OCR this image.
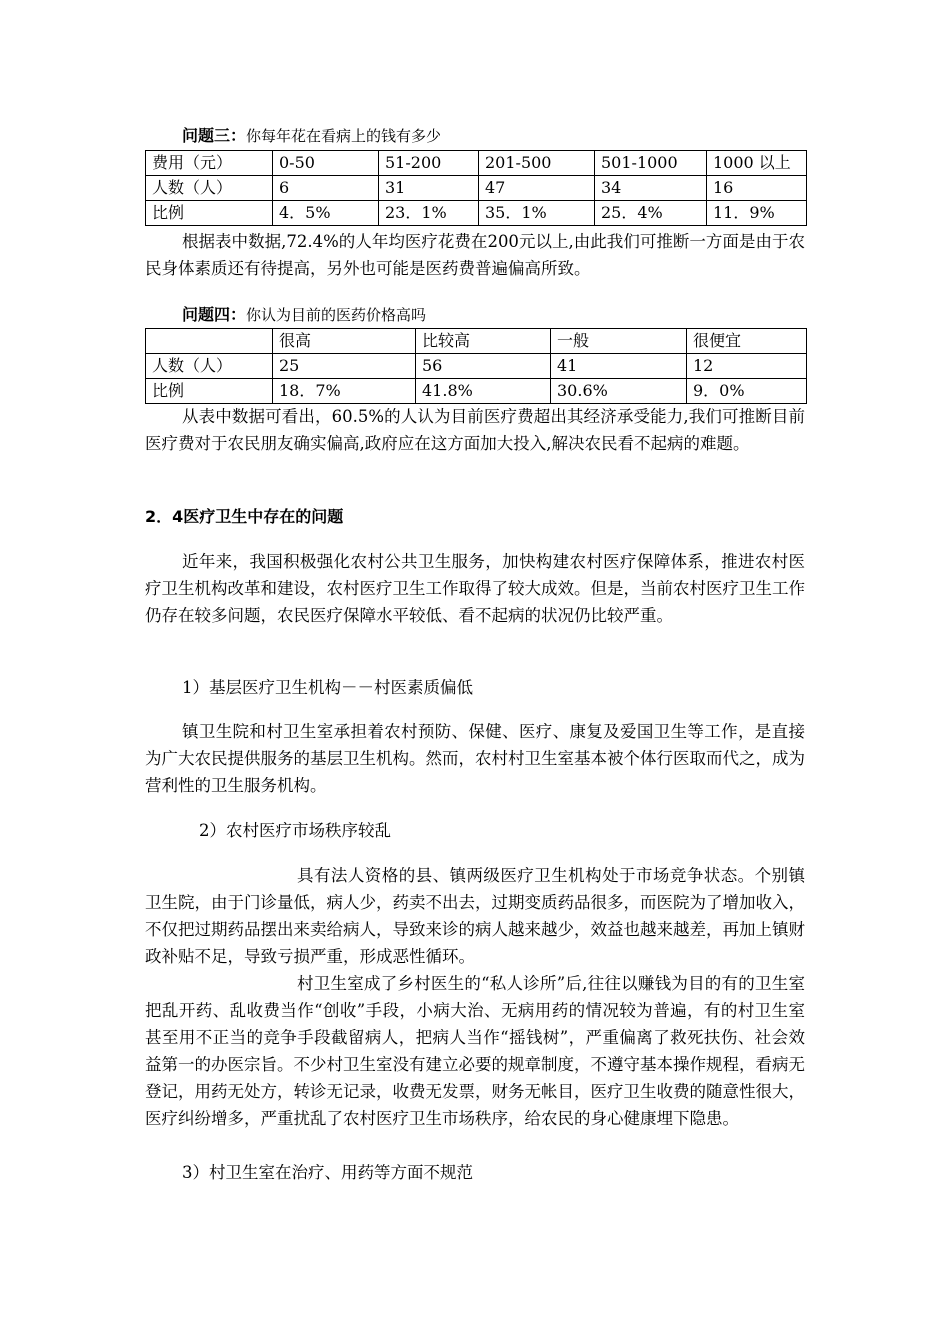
问题三：你每年花在看病上的钱有多少
费用（元）	0-50	51-200	201-500	501-1000	1000 以上
人数（人）	6	31	47	34	16
比例	4．5%	23．1%	35．1%	25．4%	11．9%

根据表中数据,72.4%的人年均医疗花费在200元以上,由此我们可推断一方面是由于农民身体素质还有待提高，另外也可能是医药费普遍偏高所致。

问题四：你认为目前的医药价格高吗
	很高	比较高	一般	很便宜
人数（人）	25	56	41	12
比例	18．7%	41.8%	30.6%	9．0%

从表中数据可看出，60.5%的人认为目前医疗费超出其经济承受能力,我们可推断目前医疗费对于农民朋友确实偏高,政府应在这方面加大投入,解决农民看不起病的难题。

2．4医疗卫生中存在的问题

近年来，我国积极强化农村公共卫生服务，加快构建农村医疗保障体系，推进农村医疗卫生机构改革和建设，农村医疗卫生工作取得了较大成效。但是，当前农村医疗卫生工作仍存在较多问题，农民医疗保障水平较低、看不起病的状况仍比较严重。

1）基层医疗卫生机构－－村医素质偏低

镇卫生院和村卫生室承担着农村预防、保健、医疗、康复及爱国卫生等工作，是直接为广大农民提供服务的基层卫生机构。然而，农村村卫生室基本被个体行医取而代之，成为营利性的卫生服务机构。

2）农村医疗市场秩序较乱

具有法人资格的县、镇两级医疗卫生机构处于市场竞争状态。个别镇卫生院，由于门诊量低，病人少，药卖不出去，过期变质药品很多，而医院为了增加收入，不仅把过期药品摆出来卖给病人，导致来诊的病人越来越少，效益也越来越差，再加上镇财政补贴不足，导致亏损严重，形成恶性循环。

村卫生室成了乡村医生的“私人诊所”后,往往以赚钱为目的有的卫生室把乱开药、乱收费当作“创收”手段，小病大治、无病用药的情况较为普遍，有的村卫生室甚至用不正当的竞争手段截留病人，把病人当作“摇钱树”，严重偏离了救死扶伤、社会效益第一的办医宗旨。不少村卫生室没有建立必要的规章制度，不遵守基本操作规程，看病无登记，用药无处方，转诊无记录，收费无发票，财务无帐目，医疗卫生收费的随意性很大，医疗纠纷增多，严重扰乱了农村医疗卫生市场秩序，给农民的身心健康埋下隐患。

3）村卫生室在治疗、用药等方面不规范
